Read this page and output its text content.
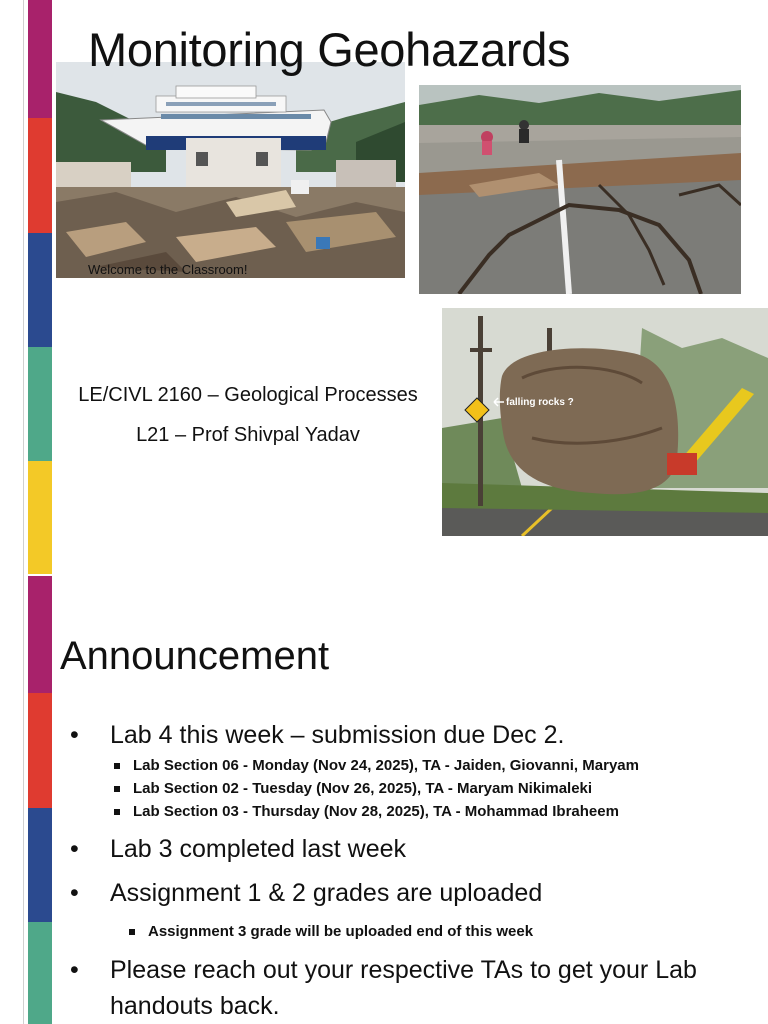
Monitoring Geohazards
Welcome to the Classroom!
LE/CIVL 2160 – Geological Processes
L21 – Prof Shivpal Yadav
falling rocks ?
Announcement
• Lab 4 this week – submission due Dec 2.
Lab Section 06 - Monday (Nov 24, 2025), TA - Jaiden, Giovanni, Maryam
Lab Section 02 - Tuesday (Nov 26, 2025), TA - Maryam Nikimaleki
Lab Section 03 - Thursday (Nov 28, 2025), TA - Mohammad Ibraheem
• Lab 3 completed last week
• Assignment 1 & 2 grades are uploaded
Assignment 3 grade will be uploaded end of this week
• Please reach out your respective TAs to get your Lab
handouts back.
